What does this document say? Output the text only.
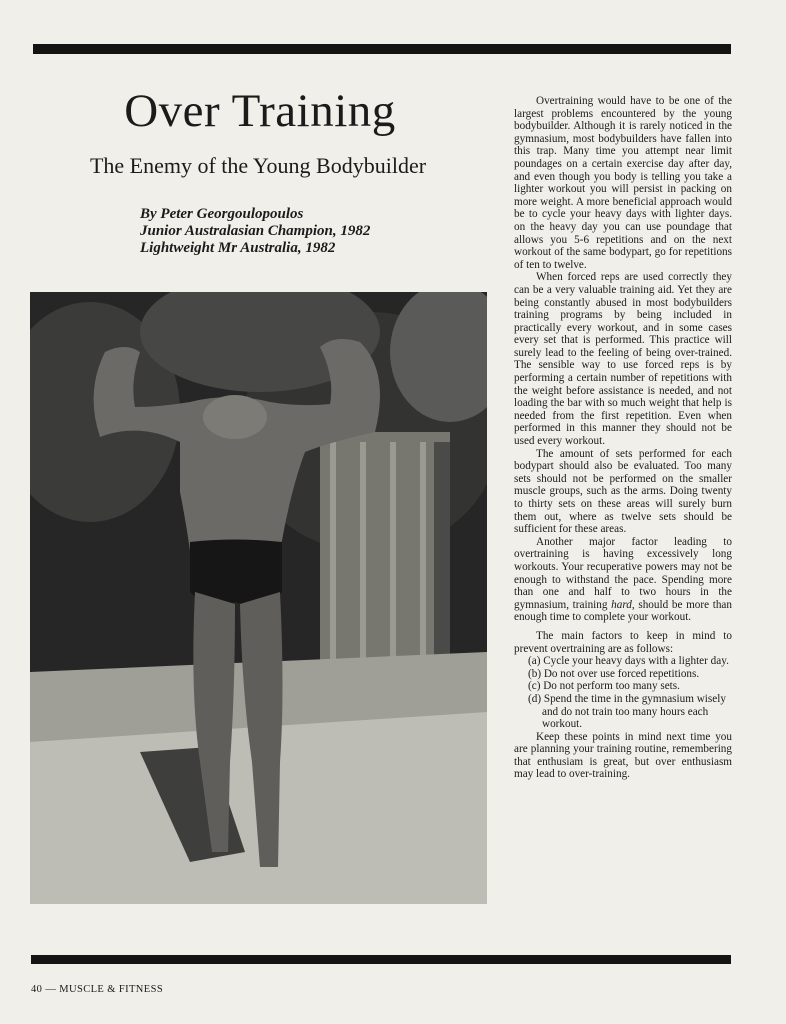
Over Training
The Enemy of the Young Bodybuilder
By Peter Georgoulopoulos
Junior Australasian Champion, 1982
Lightweight Mr Australia, 1982

Overtraining would have to be one of the largest problems encountered by the young bodybuilder. Although it is rarely noticed in the gymnasium, most bodybuilders have fallen into this trap. Many time you attempt near limit poundages on a certain exercise day after day, and even though you body is telling you take a lighter workout you will persist in packing on more weight. A more beneficial approach would be to cycle your heavy days with lighter days. on the heavy day you can use poundage that allows you 5-6 repetitions and on the next workout of the same bodypart, go for repetitions of ten to twelve.

When forced reps are used correctly they can be a very valuable training aid. Yet they are being constantly abused in most bodybuilders training programs by being included in practically every workout, and in some cases every set that is performed. This practice will surely lead to the feeling of being over-trained. The sensible way to use forced reps is by performing a certain number of repetitions with the weight before assistance is needed, and not loading the bar with so much weight that help is needed from the first repetition. Even when performed in this manner they should not be used every workout.

The amount of sets performed for each bodypart should also be evaluated. Too many sets should not be performed on the smaller muscle groups, such as the arms. Doing twenty to thirty sets on these areas will surely burn them out, where as twelve sets should be sufficient for these areas.

Another major factor leading to overtraining is having excessively long workouts. Your recuperative powers may not be enough to withstand the pace. Spending more than one and half to two hours in the gymnasium, training hard, should be more than enough time to complete your workout.

The main factors to keep in mind to prevent overtraining are as follows:

(a) Cycle your heavy days with a lighter day.
(b) Do not over use forced repetitions.
(c) Do not perform too many sets.
(d) Spend the time in the gymnasium wisely and do not train too many hours each workout.

Keep these points in mind next time you are planning your training routine, remembering that enthusiam is great, but over enthusiasm may lead to over-training.

40 — MUSCLE & FITNESS
